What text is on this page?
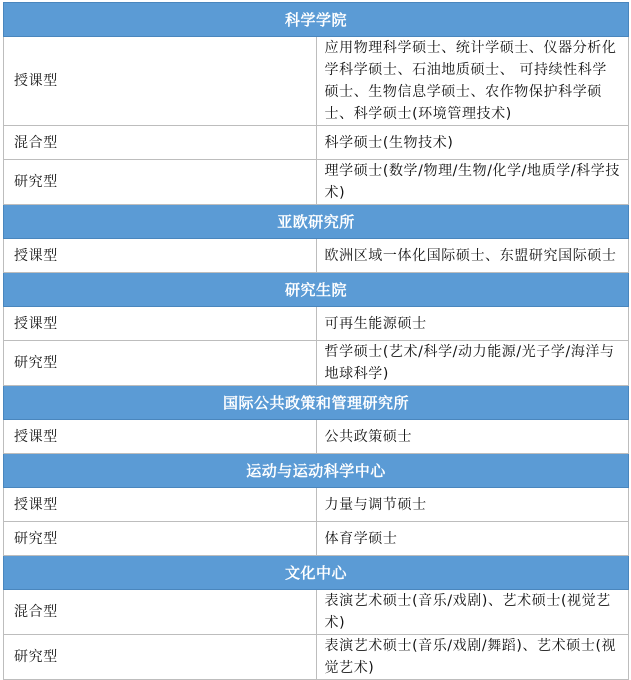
科学学院	
授课型	应用物理科学硕士、统计学硕士、仪器分析化学科学硕士、石油地质硕士、 可持续性科学硕士、生物信息学硕士、农作物保护科学硕士、科学硕士(环境管理技术)
混合型	科学硕士(生物技术)
研究型	理学硕士(数学/物理/生物/化学/地质学/科学技术)
亚欧研究所	
授课型	欧洲区域一体化国际硕士、东盟研究国际硕士
研究生院	
授课型	可再生能源硕士
研究型	哲学硕士(艺术/科学/动力能源/光子学/海洋与地球科学)
国际公共政策和管理研究所	
授课型	公共政策硕士
运动与运动科学中心	
授课型	力量与调节硕士
研究型	体育学硕士
文化中心	
混合型	表演艺术硕士(音乐/戏剧)、艺术硕士(视觉艺术)
研究型	表演艺术硕士(音乐/戏剧/舞蹈)、艺术硕士(视觉艺术)
